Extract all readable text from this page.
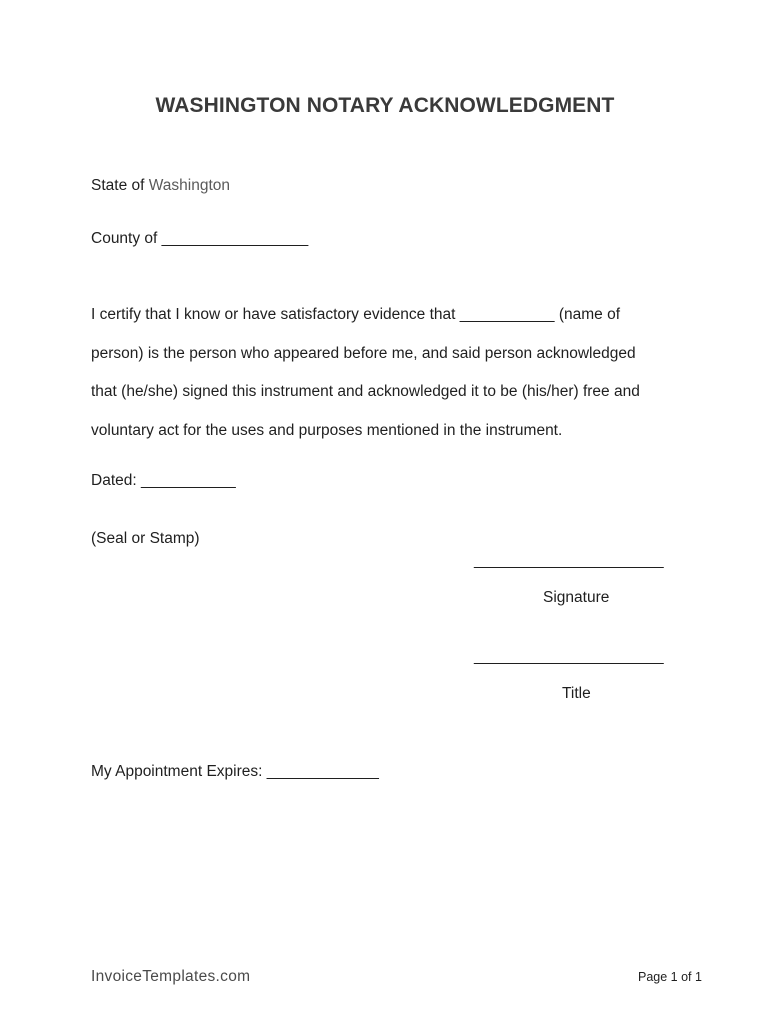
WASHINGTON NOTARY ACKNOWLEDGMENT
State of Washington
County of _________________
I certify that I know or have satisfactory evidence that ___________ (name of
person) is the person who appeared before me, and said person acknowledged
that (he/she) signed this instrument and acknowledged it to be (his/her) free and
voluntary act for the uses and purposes mentioned in the instrument.
Dated: ___________
(Seal or Stamp)
______________________
Signature
______________________
Title
My Appointment Expires: _____________
InvoiceTemplates.com	Page 1 of 1
